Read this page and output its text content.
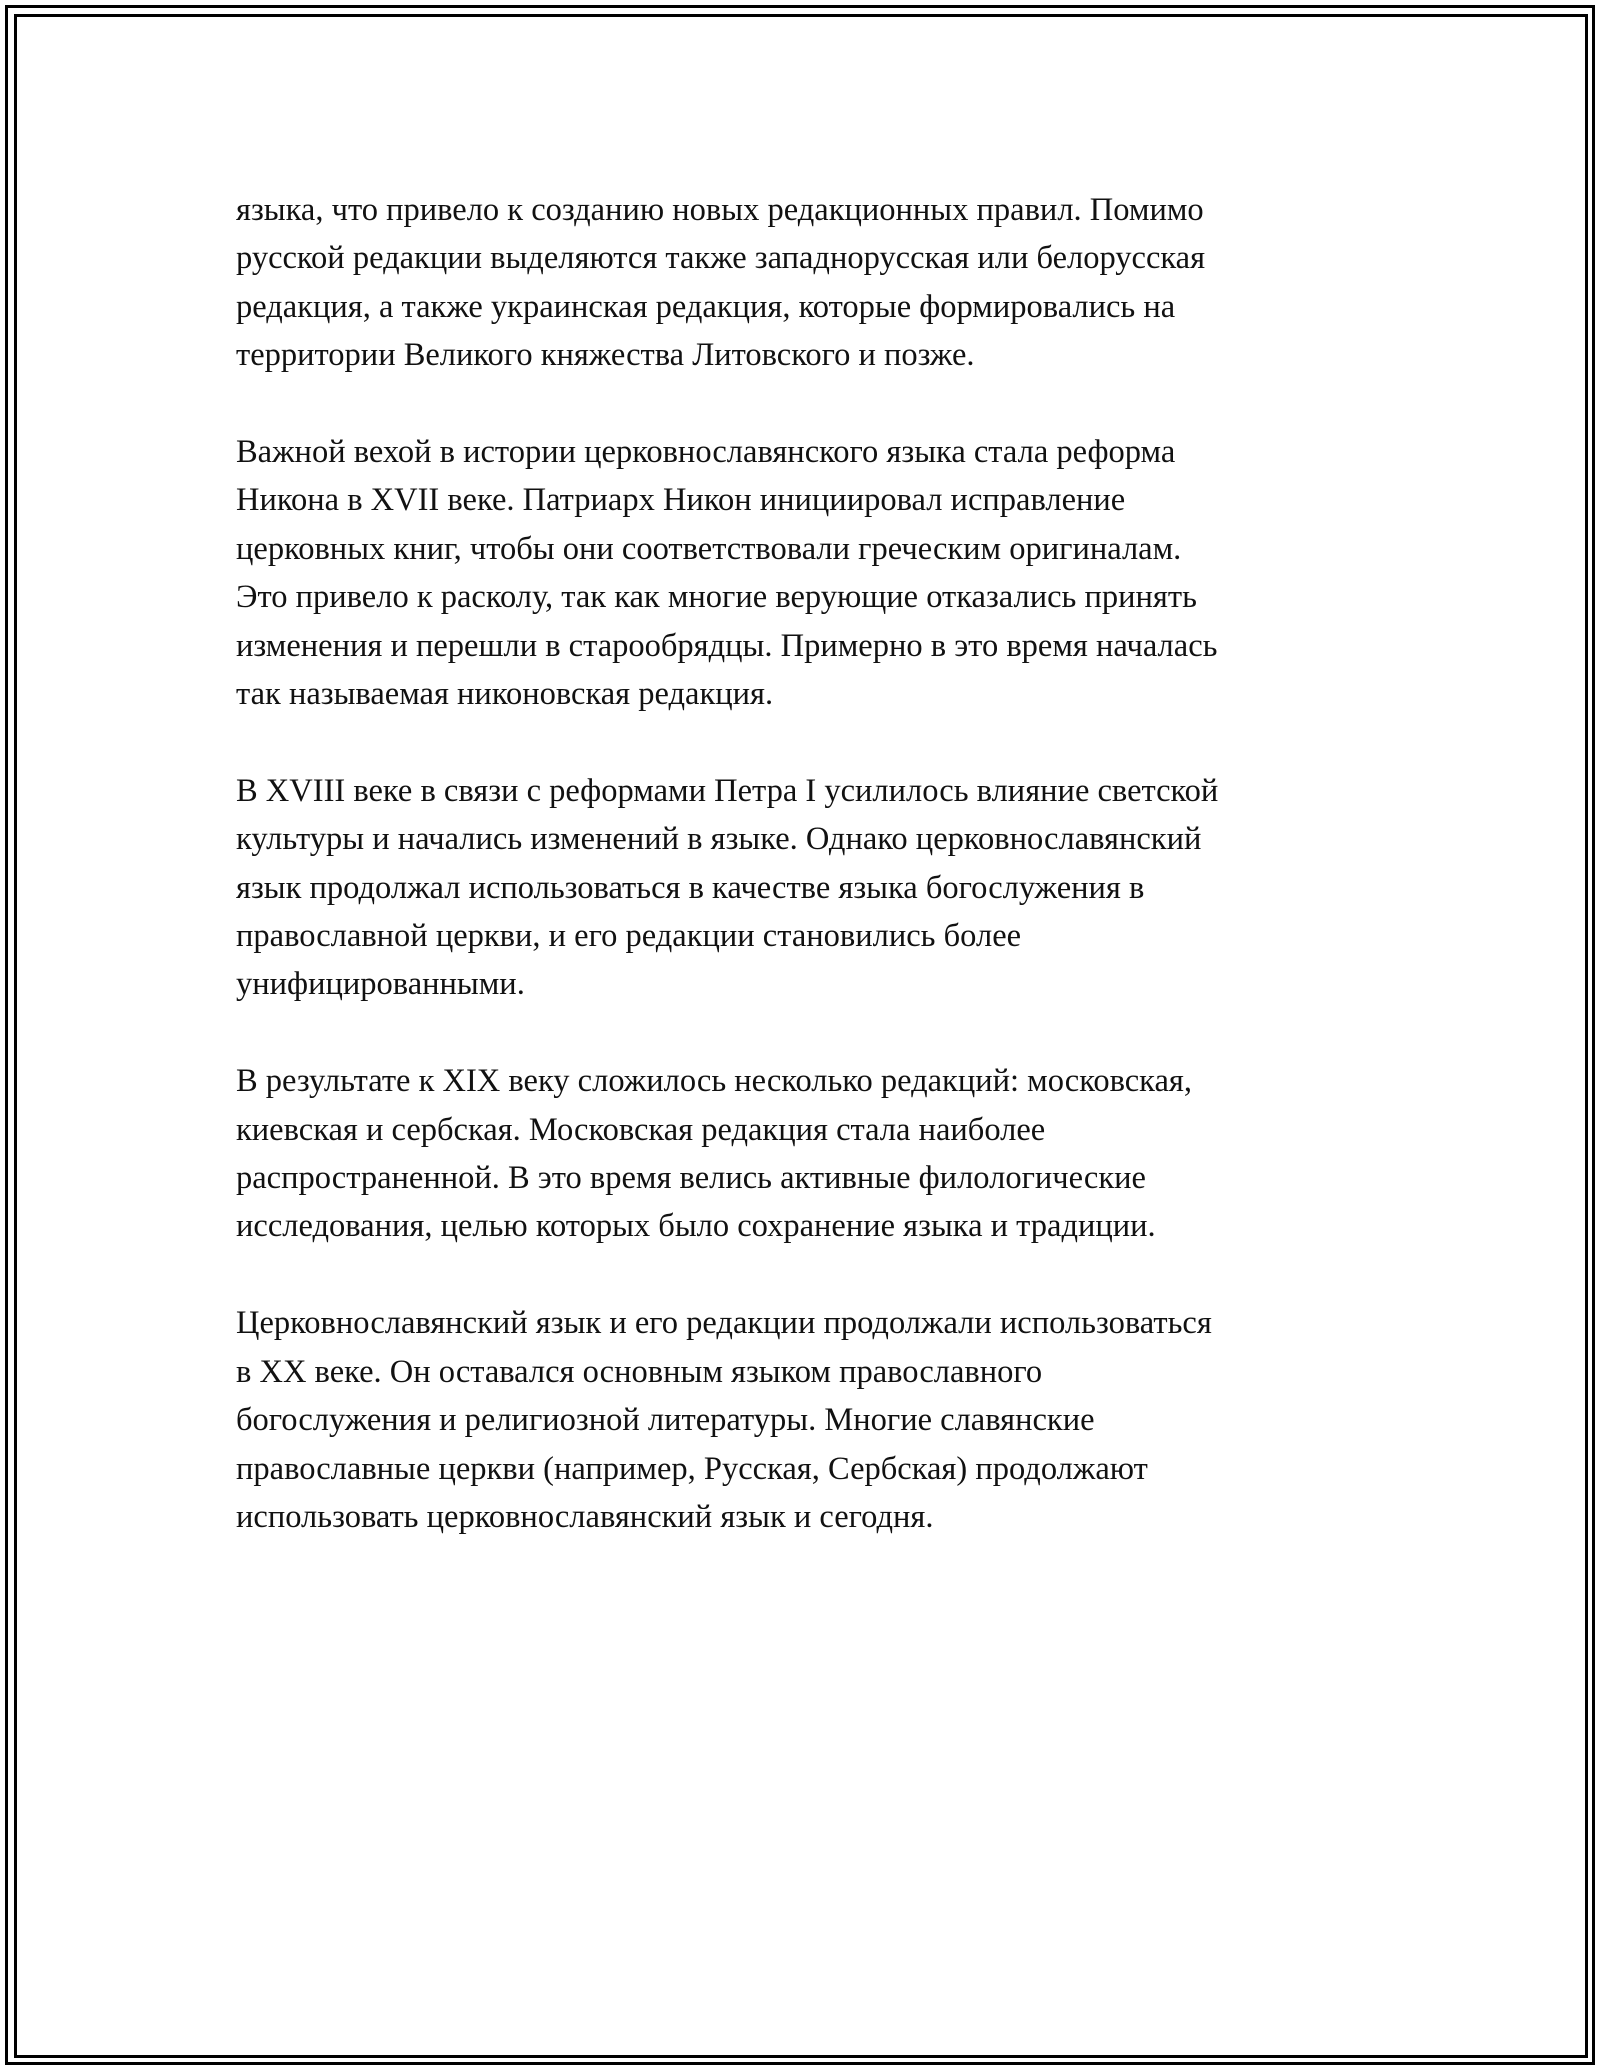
языка, что привело к созданию новых редакционных правил. Помимо
русской редакции выделяются также западнорусская или белорусская
редакция, а также украинская редакция, которые формировались на
территории Великого княжества Литовского и позже.
Важной вехой в истории церковнославянского языка стала реформа
Никона в XVII веке. Патриарх Никон инициировал исправление
церковных книг, чтобы они соответствовали греческим оригиналам.
Это привело к расколу, так как многие верующие отказались принять
изменения и перешли в старообрядцы. Примерно в это время началась
так называемая никоновская редакция.
В XVIII веке в связи с реформами Петра I усилилось влияние светской
культуры и начались изменений в языке. Однако церковнославянский
язык продолжал использоваться в качестве языка богослужения в
православной церкви, и его редакции становились более
унифицированными.
В результате к XIX веку сложилось несколько редакций: московская,
киевская и сербская. Московская редакция стала наиболее
распространенной. В это время велись активные филологические
исследования, целью которых было сохранение языка и традиции.
Церковнославянский язык и его редакции продолжали использоваться
в XX веке. Он оставался основным языком православного
богослужения и религиозной литературы. Многие славянские
православные церкви (например, Русская, Сербская) продолжают
использовать церковнославянский язык и сегодня.
